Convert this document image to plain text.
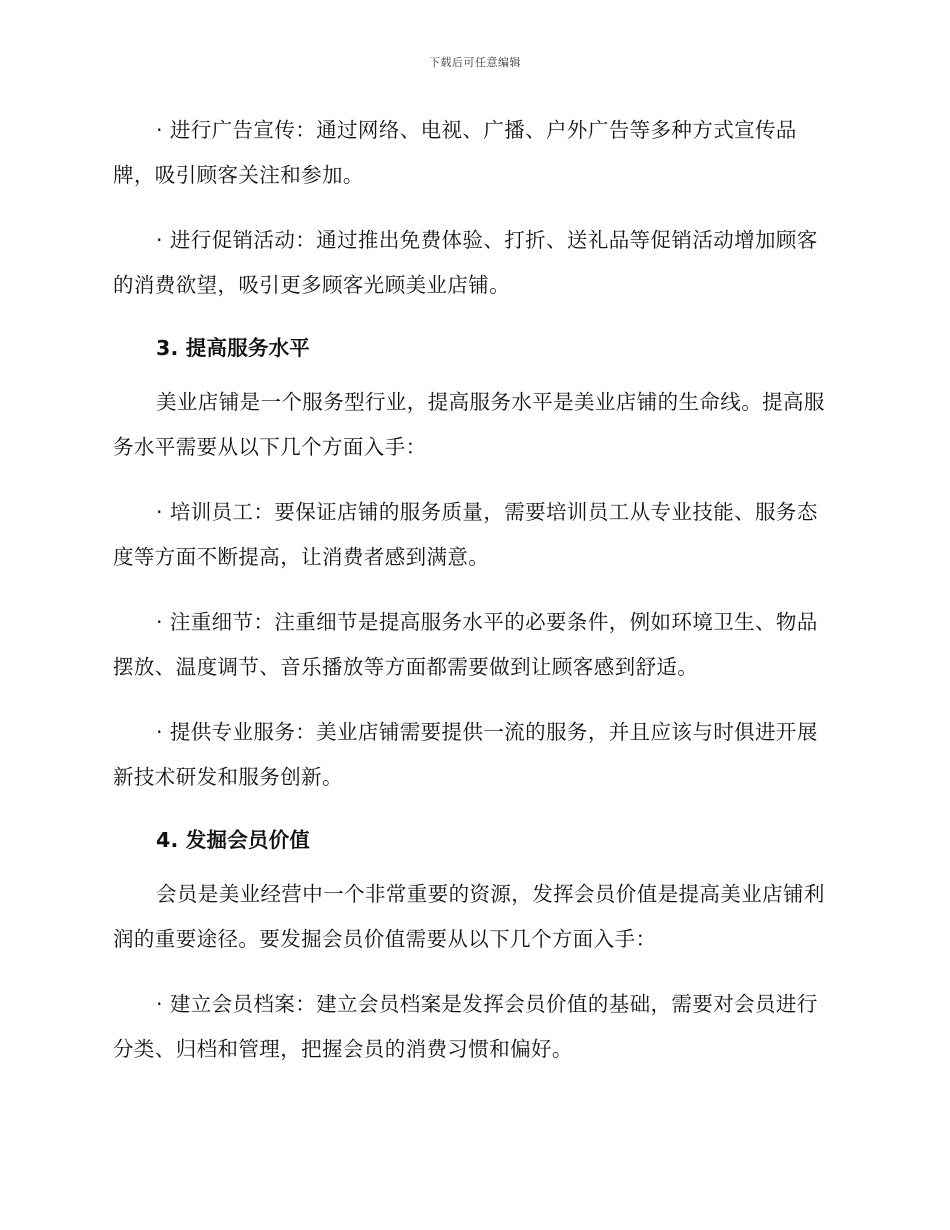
下载后可任意编辑

· 进行广告宣传：通过网络、电视、广播、户外广告等多种方式宣传品牌，吸引顾客关注和参加。

· 进行促销活动：通过推出免费体验、打折、送礼品等促销活动增加顾客的消费欲望，吸引更多顾客光顾美业店铺。

3. 提高服务水平

美业店铺是一个服务型行业，提高服务水平是美业店铺的生命线。提高服务水平需要从以下几个方面入手：

· 培训员工：要保证店铺的服务质量，需要培训员工从专业技能、服务态度等方面不断提高，让消费者感到满意。

· 注重细节：注重细节是提高服务水平的必要条件，例如环境卫生、物品摆放、温度调节、音乐播放等方面都需要做到让顾客感到舒适。

· 提供专业服务：美业店铺需要提供一流的服务，并且应该与时俱进开展新技术研发和服务创新。

4. 发掘会员价值

会员是美业经营中一个非常重要的资源，发挥会员价值是提高美业店铺利润的重要途径。要发掘会员价值需要从以下几个方面入手：

· 建立会员档案：建立会员档案是发挥会员价值的基础，需要对会员进行分类、归档和管理，把握会员的消费习惯和偏好。
